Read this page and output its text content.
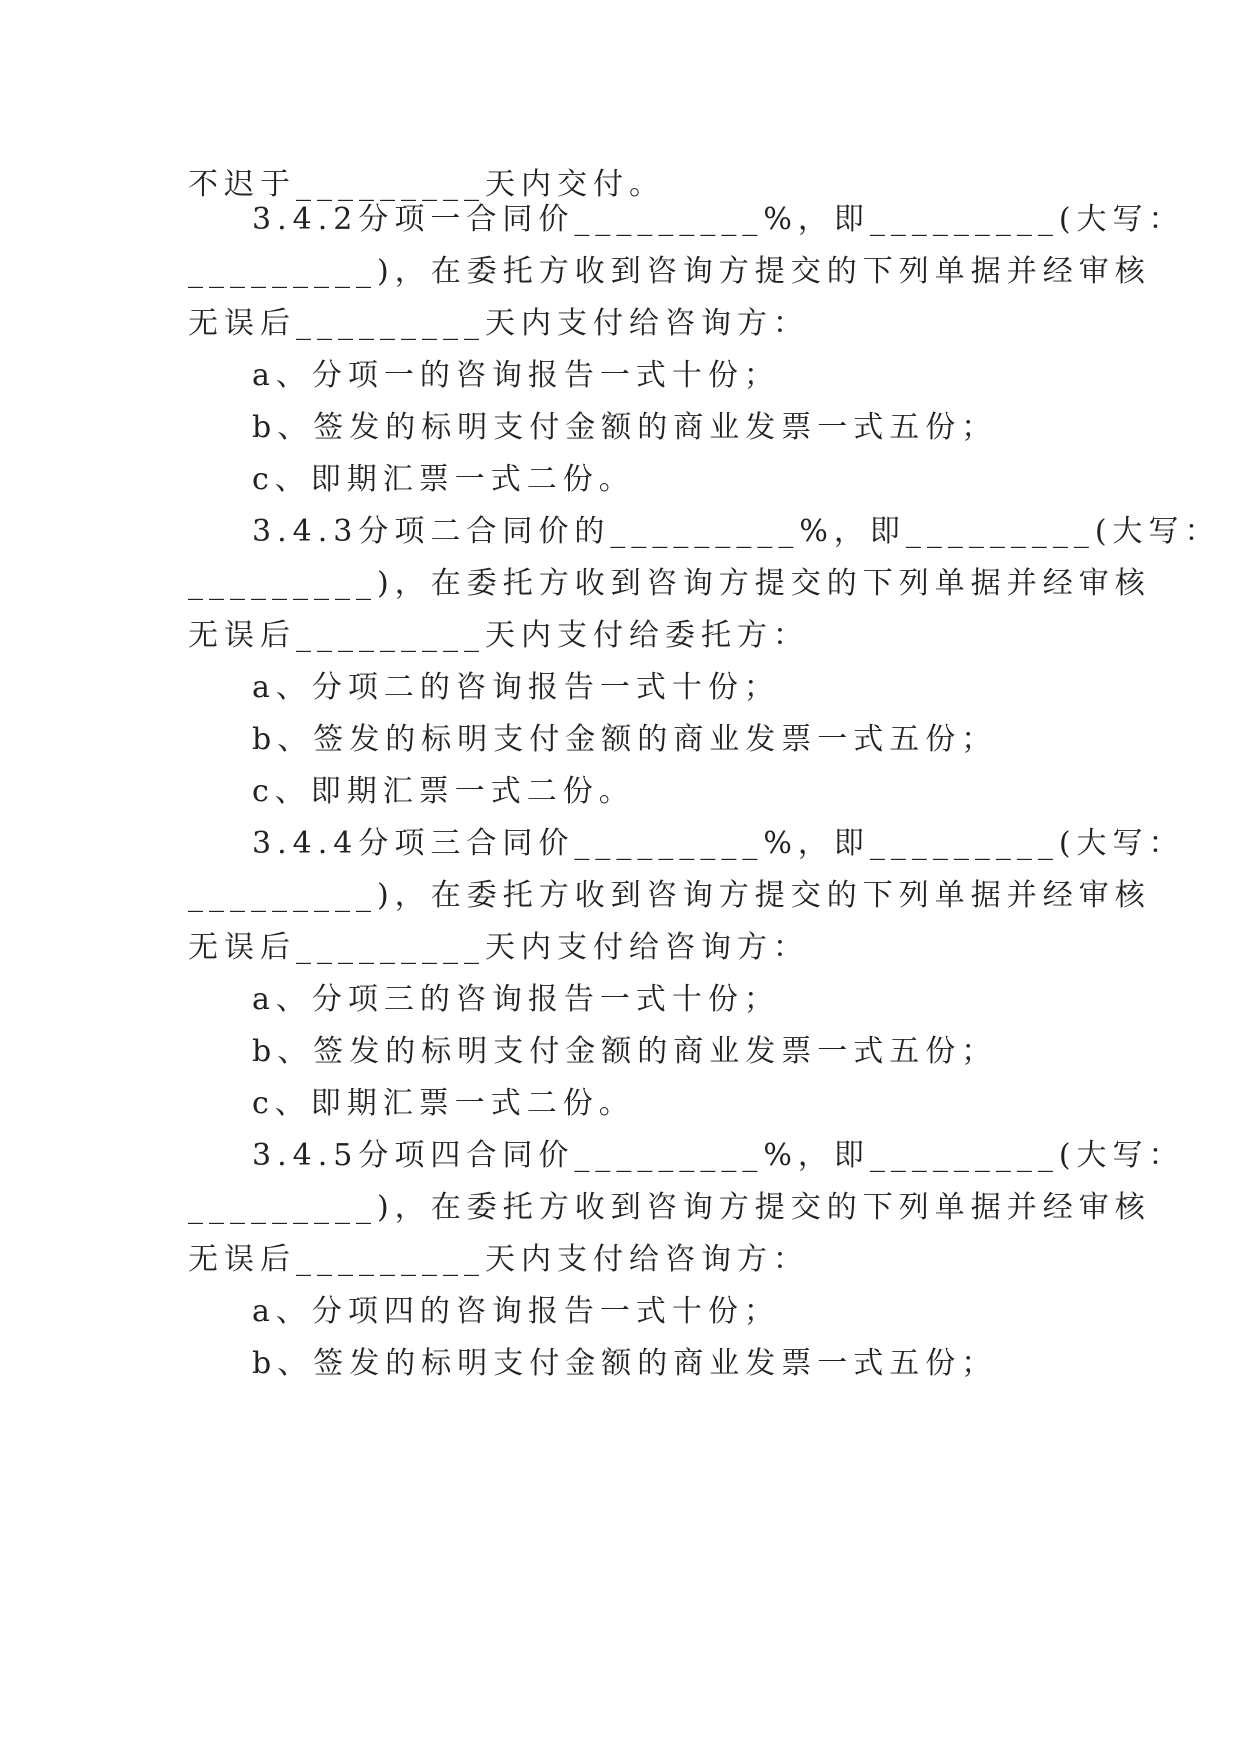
不迟于_________天内交付。
3.4.2分项一合同价_________%，即_________(大写：
_________)，在委托方收到咨询方提交的下列单据并经审核
无误后_________天内支付给咨询方：
a、分项一的咨询报告一式十份；
b、签发的标明支付金额的商业发票一式五份；
c、即期汇票一式二份。
3.4.3分项二合同价的_________%，即_________(大写：
_________)，在委托方收到咨询方提交的下列单据并经审核
无误后_________天内支付给委托方：
a、分项二的咨询报告一式十份；
b、签发的标明支付金额的商业发票一式五份；
c、即期汇票一式二份。
3.4.4分项三合同价_________%，即_________(大写：
_________)，在委托方收到咨询方提交的下列单据并经审核
无误后_________天内支付给咨询方：
a、分项三的咨询报告一式十份；
b、签发的标明支付金额的商业发票一式五份；
c、即期汇票一式二份。
3.4.5分项四合同价_________%，即_________(大写：
_________)，在委托方收到咨询方提交的下列单据并经审核
无误后_________天内支付给咨询方：
a、分项四的咨询报告一式十份；
b、签发的标明支付金额的商业发票一式五份；
